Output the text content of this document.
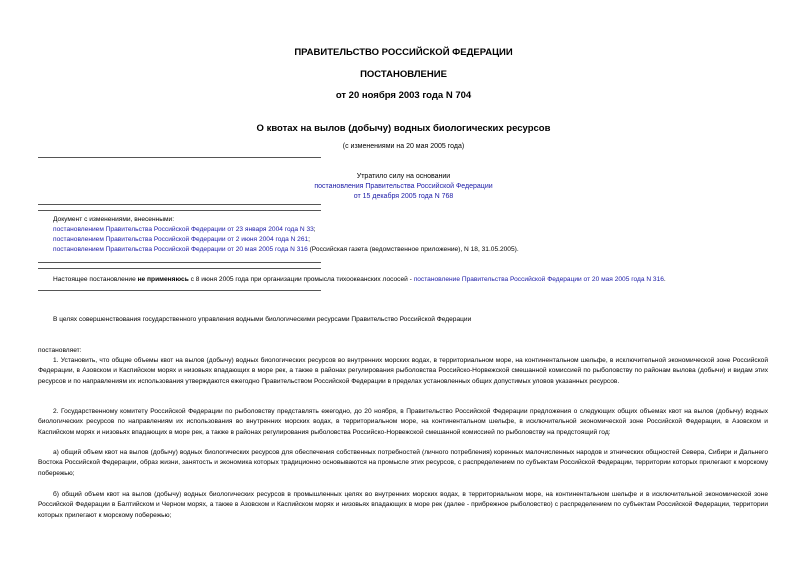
ПРАВИТЕЛЬСТВО РОССИЙСКОЙ ФЕДЕРАЦИИ
ПОСТАНОВЛЕНИЕ
от 20 ноября 2003 года N 704
О квотах на вылов (добычу) водных биологических ресурсов
(с изменениями на 20 мая 2005 года)
Утратило силу на основании
постановления Правительства Российской Федерации
от 15 декабря 2005 года N 768
Документ с изменениями, внесенными:
постановлением Правительства Российской Федерации от 23 января 2004 года N 33;
постановлением Правительства Российской Федерации от 2 июня 2004 года N 261;
постановлением Правительства Российской Федерации от 20 мая 2005 года N 316 (Российская газета (ведомственное приложение), N 18, 31.05.2005).
Настоящее постановление не применяюсь с 8 июня 2005 года при организации промысла тихоокеанских лососей - постановление Правительства Российской Федерации от 20 мая 2005 года N 316.
В целях совершенствования государственного управления водными биологическими ресурсами Правительство Российской Федерации
постановляет:
1. Установить, что общие объемы квот на вылов (добычу) водных биологических ресурсов во внутренних морских водах, в территориальном море, на континентальном шельфе, в исключительной экономической зоне Российской Федерации, в Азовском и Каспийском морях и низовьях впадающих в море рек, а также в районах регулирования рыболовства Российско-Норвежской смешанной комиссией по рыболовству по районам вылова (добычи) и видам этих ресурсов и по направлениям их использования утверждаются ежегодно Правительством Российской Федерации в пределах установленных общих допустимых уловов указанных ресурсов.
2. Государственному комитету Российской Федерации по рыболовству представлять ежегодно, до 20 ноября, в Правительство Российской Федерации предложения о следующих общих объемах квот на вылов (добычу) водных биологических ресурсов по направлениям их использования во внутренних морских водах, в территориальном море, на континентальном шельфе, в исключительной экономической зоне Российской Федерации, в Азовском и Каспийском морях и низовьях впадающих в море рек, а также в районах регулирования рыболовства Российско-Норвежской смешанной комиссией по рыболовству на предстоящий год:
а) общий объем квот на вылов (добычу) водных биологических ресурсов для обеспечения собственных потребностей (личного потребления) коренных малочисленных народов и этнических общностей Севера, Сибири и Дальнего Востока Российской Федерации, образ жизни, занятость и экономика которых традиционно основываются на промысле этих ресурсов, с распределением по субъектам Российской Федерации, территории которых прилегают к морскому побережью;
б) общий объем квот на вылов (добычу) водных биологических ресурсов в промышленных целях во внутренних морских водах, в территориальном море, на континентальном шельфе и в исключительной экономической зоне Российской Федерации в Балтийском и Черном морях, а также в Азовском и Каспийском морях и низовьях впадающих в море рек (далее - прибрежное рыболовство) с распределением по субъектам Российской Федерации, территории которых прилегают к морскому побережью;
